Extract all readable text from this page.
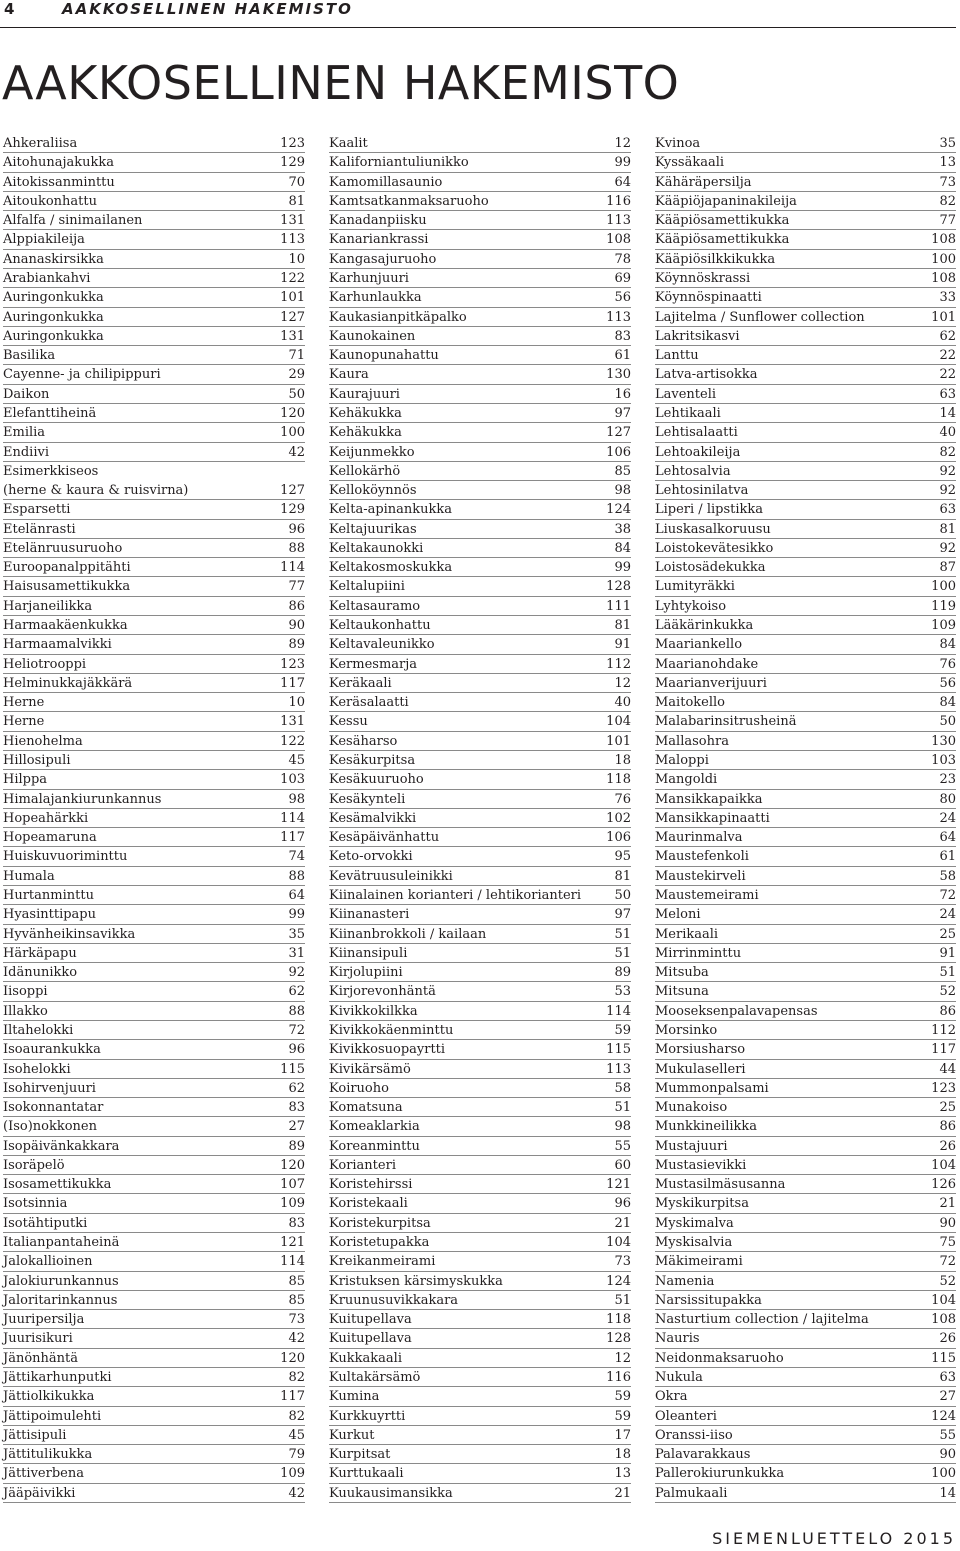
4	AAKKOSELLINEN HAKEMISTO
AAKKOSELLINEN HAKEMISTO
Ahkeraliisa	123
Aitohunajakukka	129
Aitokissanminttu	70
Aitoukonhattu	81
Alfalfa / sinimailanen	131
Alppiakileija	113
Ananaskirsikka	10
Arabiankahvi	122
Auringonkukka	101
Auringonkukka	127
Auringonkukka	131
Basilika	71
Cayenne- ja chilipippuri	29
Daikon	50
Elefanttiheinä	120
Emilia	100
Endiivi	42
Esimerkkiseos
(herne & kaura & ruisvirna)	127
Esparsetti	129
Etelänrasti	96
Etelänruusuruoho	88
Euroopanalppitähti	114
Haisusamettikukka	77
Harjaneilikka	86
Harmaakäenkukka	90
Harmaamalvikki	89
Heliotrooppi	123
Helminukkajäkkärä	117
Herne	10
Herne	131
Hienohelma	122
Hillosipuli	45
Hilppa	103
Himalajankiurunkannus	98
Hopeahärkki	114
Hopeamaruna	117
Huiskuvuoriminttu	74
Humala	88
Hurtanminttu	64
Hyasinttipapu	99
Hyvänheikinsavikka	35
Härkäpapu	31
Idänunikko	92
Iisoppi	62
Illakko	88
Iltahelokki	72
Isoaurankukka	96
Isohelokki	115
Isohirvenjuuri	62
Isokonnantatar	83
(Iso)nokkonen	27
Isopäivänkakkara	89
Isoräpelö	120
Isosamettikukka	107
Isotsinnia	109
Isotähtiputki	83
Italianpantaheinä	121
Jalokallioinen	114
Jalokiurunkannus	85
Jaloritarinkannus	85
Juuripersilja	73
Juurisikuri	42
Jänönhäntä	120
Jättikarhunputki	82
Jättiolkikukka	117
Jättipoimulehti	82
Jättisipuli	45
Jättitulikukka	79
Jättiverbena	109
Jääpäivikki	42
Kaalit	12
Kaliforniantuliunikko	99
Kamomillasaunio	64
Kamtsatkanmaksaruoho	116
Kanadanpiisku	113
Kanariankrassi	108
Kangasajuruoho	78
Karhunjuuri	69
Karhunlaukka	56
Kaukasianpitkäpalko	113
Kaunokainen	83
Kaunopunahattu	61
Kaura	130
Kaurajuuri	16
Kehäkukka	97
Kehäkukka	127
Keijunmekko	106
Kellokärhö	85
Kelloköynnös	98
Kelta-apinankukka	124
Keltajuurikas	38
Keltakaunokki	84
Keltakosmoskukka	99
Keltalupiini	128
Keltasauramo	111
Keltaukonhattu	81
Keltavaleunikko	91
Kermesmarja	112
Keräkaali	12
Keräsalaatti	40
Kessu	104
Kesäharso	101
Kesäkurpitsa	18
Kesäkuuruoho	118
Kesäkynteli	76
Kesämalvikki	102
Kesäpäivänhattu	106
Keto-orvokki	95
Kevätruusuleinikki	81
Kiinalainen korianteri / lehtikorianteri	50
Kiinanasteri	97
Kiinanbrokkoli / kailaan	51
Kiinansipuli	51
Kirjolupiini	89
Kirjorevonhäntä	53
Kivikkokilkka	114
Kivikkokäenminttu	59
Kivikkosuopayrtti	115
Kivikärsämö	113
Koiruoho	58
Komatsuna	51
Komeaklarkia	98
Koreanminttu	55
Korianteri	60
Koristehirssi	121
Koristekaali	96
Koristekurpitsa	21
Koristetupakka	104
Kreikanmeirami	73
Kristuksen kärsimyskukka	124
Kruunusuvikkakara	51
Kuitupellava	118
Kuitupellava	128
Kukkakaali	12
Kultakärsämö	116
Kumina	59
Kurkkuyrtti	59
Kurkut	17
Kurpitsat	18
Kurttukaali	13
Kuukausimansikka	21
Kvinoa	35
Kyssäkaali	13
Kähäräpersilja	73
Kääpiöjapaninakileija	82
Kääpiösamettikukka	77
Kääpiösamettikukka	108
Kääpiösilkkikukka	100
Köynnöskrassi	108
Köynnöspinaatti	33
Lajitelma / Sunflower collection	101
Lakritsikasvi	62
Lanttu	22
Latva-artisokka	22
Laventeli	63
Lehtikaali	14
Lehtisalaatti	40
Lehtoakileija	82
Lehtosalvia	92
Lehtosinilatva	92
Liperi / lipstikka	63
Liuskasalkoruusu	81
Loistokevätesikko	92
Loistosädekukka	87
Lumityräkki	100
Lyhtykoiso	119
Lääkärinkukka	109
Maariankello	84
Maarianohdake	76
Maarianverijuuri	56
Maitokello	84
Malabarinsitrusheinä	50
Mallasohra	130
Maloppi	103
Mangoldi	23
Mansikkapaikka	80
Mansikkapinaatti	24
Maurinmalva	64
Maustefenkoli	61
Maustekirveli	58
Maustemeirami	72
Meloni	24
Merikaali	25
Mirrinminttu	91
Mitsuba	51
Mitsuna	52
Mooseksenpalavapensas	86
Morsinko	112
Morsiusharso	117
Mukulaselleri	44
Mummonpalsami	123
Munakoiso	25
Munkkineilikka	86
Mustajuuri	26
Mustasievikki	104
Mustasilmäsusanna	126
Myskikurpitsa	21
Myskimalva	90
Myskisalvia	75
Mäkimeirami	72
Namenia	52
Narsissitupakka	104
Nasturtium collection / lajitelma	108
Nauris	26
Neidonmaksaruoho	115
Nukula	63
Okra	27
Oleanteri	124
Oranssi-iiso	55
Palavarakkaus	90
Pallerokiurunkukka	100
Palmukaali	14
SIEMENLUETTELO 2015
